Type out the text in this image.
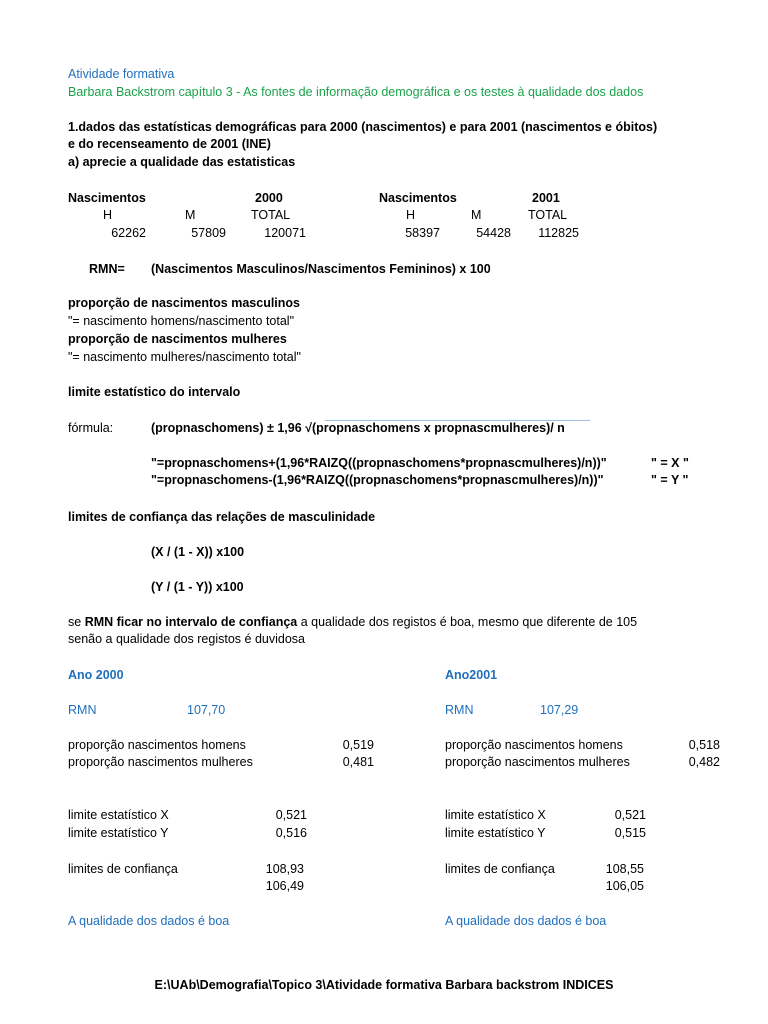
Atividade formativa
Barbara Backstrom capítulo 3 - As fontes de informação demográfica e os testes à qualidade dos dados
1.dados das estatísticas demográficas para 2000 (nascimentos) e para 2001 (nascimentos e óbitos)
e do recenseamento de 2001 (INE)
a) aprecie a qualidade das estatisticas
Nascimentos	2000
H	M	TOTAL
62262	57809	120071
Nascimentos	2001
H	M	TOTAL
58397	54428	112825
RMN= (Nascimentos Masculinos/Nascimentos Femininos) x 100
proporção de nascimentos masculinos
"= nascimento homens/nascimento total"
proporção de nascimentos mulheres
"= nascimento mulheres/nascimento total"
limite estatístico do intervalo
fórmula:	(propnaschomens) ± 1,96 √(propnaschomens x propnascmulheres)/ n
"=propnaschomens+(1,96*RAIZQ((propnaschomens*propnascmulheres)/n))"	" = X "
"=propnaschomens-(1,96*RAIZQ((propnaschomens*propnascmulheres)/n))"	" = Y "
limites de confiança das relações de masculinidade
(X / (1 - X)) x100
(Y / (1 - Y)) x100
se RMN ficar no intervalo de confiança a qualidade dos registos é boa, mesmo que diferente de 105
senão a qualidade dos registos é duvidosa
Ano 2000
RMN	107,70
proporção nascimentos homens	0,519
proporção nascimentos mulheres	0,481
limite estatístico X	0,521
limite estatístico Y	0,516
limites de confiança	108,93
106,49
A qualidade dos dados é boa
Ano2001
RMN	107,29
proporção nascimentos homens	0,518
proporção nascimentos mulheres	0,482
limite estatístico X	0,521
limite estatístico Y	0,515
limites de confiança	108,55
106,05
A qualidade dos dados é boa
E:\UAb\Demografia\Topico 3\Atividade formativa Barbara backstrom INDICES
